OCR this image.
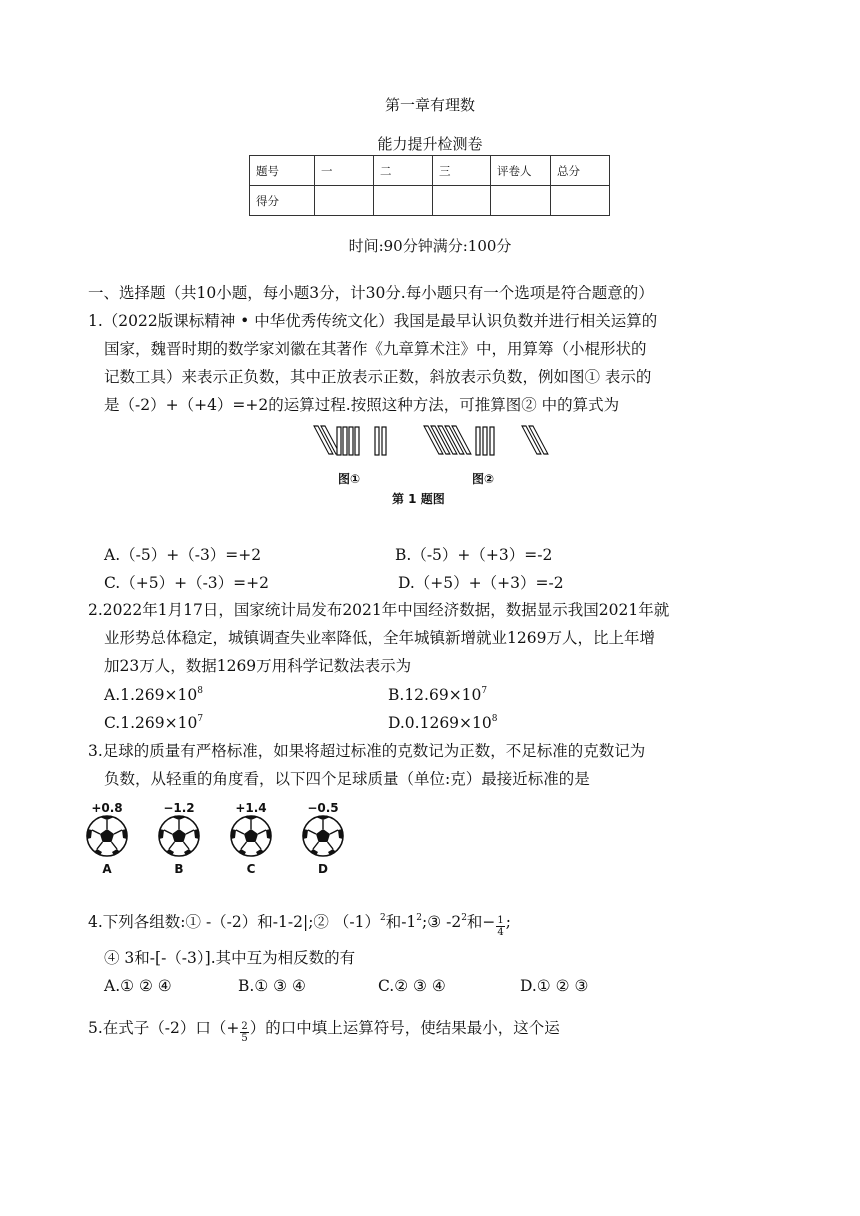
第一章有理数
能力提升检测卷
题号	一	二	三	评卷人	总分
得分					
时间:90分钟满分:100分
一、选择题（共10小题，每小题3分，计30分.每小题只有一个选项是符合题意的）
1.（2022版课标精神 • 中华优秀传统文化）我国是最早认识负数并进行相关运算的
国家，魏晋时期的数学家刘徽在其著作《九章算术注》中，用算筹（小棍形状的
记数工具）来表示正负数，其中正放表示正数，斜放表示负数，例如图① 表示的
是（-2）+（+4）=+2的运算过程.按照这种方法，可推算图② 中的算式为
图①	图②
第 1 题图
A.（-5）+（-3）=+2	B.（-5）+（+3）=-2
C.（+5）+（-3）=+2	D.（+5）+（+3）=-2
2.2022年1月17日，国家统计局发布2021年中国经济数据，数据显示我国2021年就
业形势总体稳定，城镇调查失业率降低，全年城镇新增就业1269万人，比上年增
加23万人，数据1269万用科学记数法表示为
$A.1.269\times 10^8$	$B.12.69\times 10^7$
$C.1.269\times 10^7$	$D.0.1269\times 10^8$
3.足球的质量有严格标准，如果将超过标准的克数记为正数，不足标准的克数记为
负数，从轻重的角度看，以下四个足球质量（单位:克）最接近标准的是
+0.8
A
−1.2
B
+1.4
C
−0.5
D
4.下列各组数:① -（-2）和-1-2|;② $(-1)^2$和$-1^2;③$ $-2^2$和− $\frac{1}{4}$ ;
④ 3和-[-（-3）].其中互为相反数的有
A.① ② ④	B.① ③ ④	C.② ③ ④	D.① ② ③
5.在式子（-2）口（+ $\frac{2}{5}$ ）的口中填上运算符号，使结果最小，这个运
